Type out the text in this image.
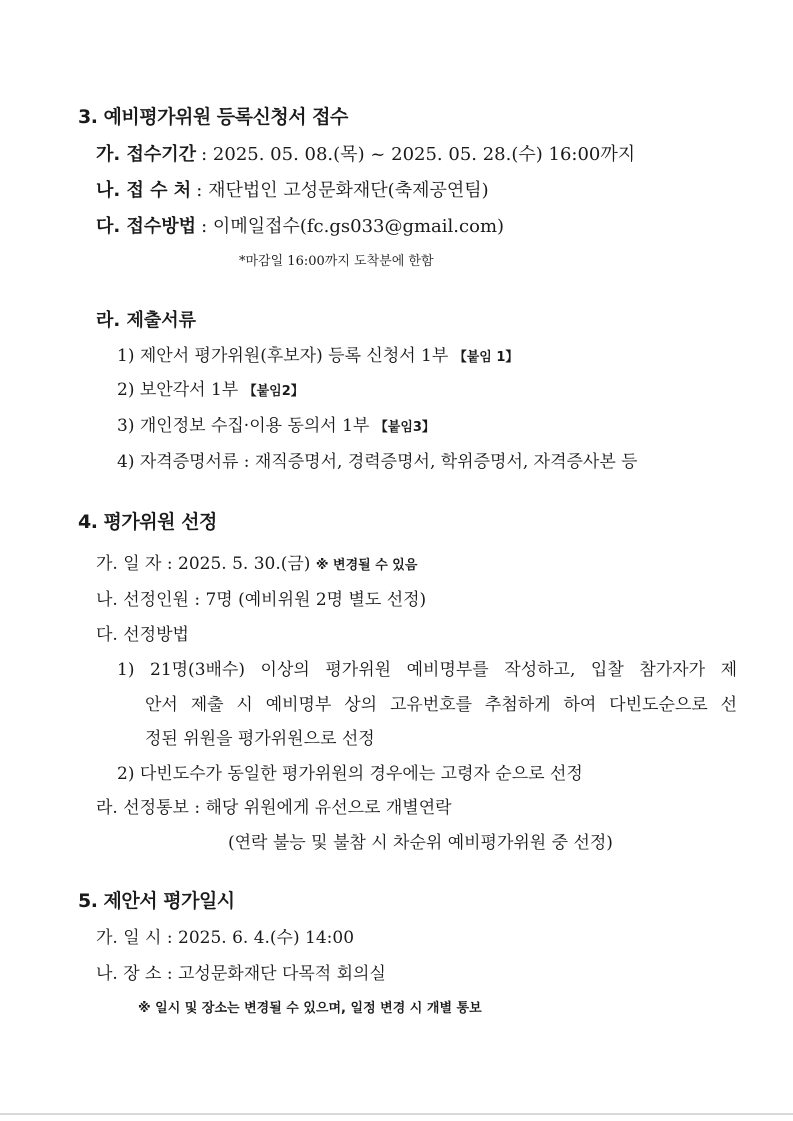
3. 예비평가위원 등록신청서 접수
가. 접수기간 : 2025. 05. 08.(목) ~ 2025. 05. 28.(수) 16:00까지
나. 접 수 처 : 재단법인 고성문화재단(축제공연팀)
다. 접수방법 : 이메일접수(fc.gs033@gmail.com)
*마감일 16:00까지 도착분에 한함
라. 제출서류
1) 제안서 평가위원(후보자) 등록 신청서 1부 【붙임 1】
2) 보안각서 1부 【붙임2】
3) 개인정보 수집·이용 동의서 1부 【붙임3】
4) 자격증명서류 : 재직증명서, 경력증명서, 학위증명서, 자격증사본 등
4. 평가위원 선정
가. 일 자 : 2025. 5. 30.(금) ※ 변경될 수 있음
나. 선정인원 : 7명 (예비위원 2명 별도 선정)
다. 선정방법
1) 21명(3배수) 이상의 평가위원 예비명부를 작성하고, 입찰 참가자가 제
안서 제출 시 예비명부 상의 고유번호를 추첨하게 하여 다빈도순으로 선
정된 위원을 평가위원으로 선정
2) 다빈도수가 동일한 평가위원의 경우에는 고령자 순으로 선정
라. 선정통보 : 해당 위원에게 유선으로 개별연락
(연락 불능 및 불참 시 차순위 예비평가위원 중 선정)
5. 제안서 평가일시
가. 일 시 : 2025. 6. 4.(수) 14:00
나. 장 소 : 고성문화재단 다목적 회의실
※ 일시 및 장소는 변경될 수 있으며, 일정 변경 시 개별 통보
